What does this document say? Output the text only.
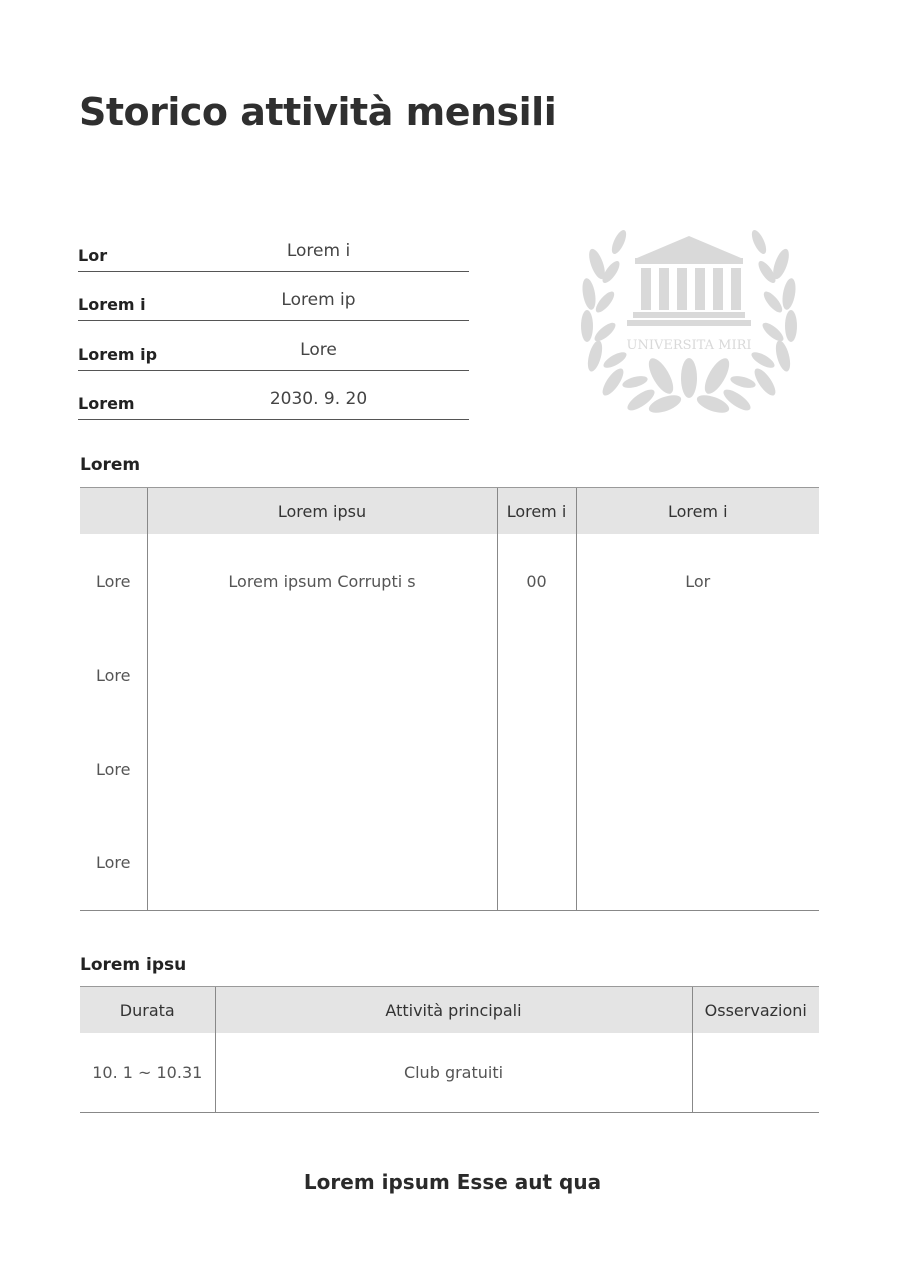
Storico attività mensili
Lor	Lorem i
Lorem i	Lorem ip
Lorem ip	Lore
Lorem	2030. 9. 20
UNIVERSITA MIRI
Lorem
	Lorem ipsu	Lorem i	Lorem i
Lore	Lorem ipsum Corrupti s	00	Lor
Lore			
Lore			
Lore			
Lorem ipsu
Durata	Attività principali	Osservazioni
10. 1 ~ 10.31	Club gratuiti	
Lorem ipsum Esse aut qua
